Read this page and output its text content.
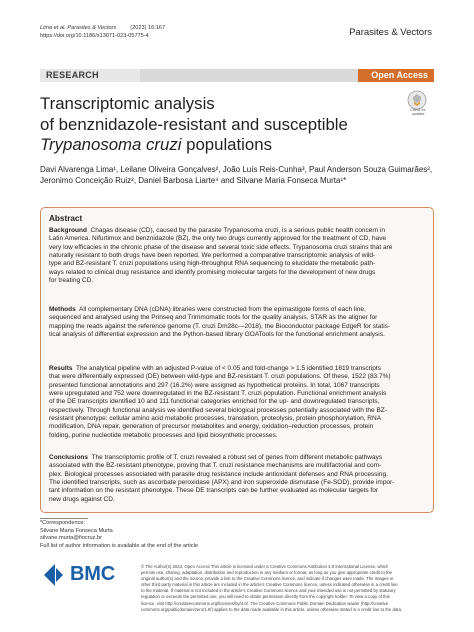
Lima et al. Parasites & Vectors         (2023) 16:167
https://doi.org/10.1186/s13071-023-05775-4	Parasites & Vectors
RESEARCH	Open Access
Check for
updates
Transcriptomic analysis
of benznidazole-resistant and susceptible
Trypanosoma cruzi populations
Davi Alvarenga Lima¹, Leilane Oliveira Gonçalves², João Luís Reis-Cunha³, Paul Anderson Souza Guimarães²,
Jeronimo Conceição Ruiz², Daniel Barbosa Liarte⁴ and Silvane Maria Fonseca Murta¹*
Abstract
Background  Chagas disease (CD), caused by the parasite Trypanosoma cruzi, is a serious public health concern in
Latin America. Nifurtimox and benznidazole (BZ), the only two drugs currently approved for the treatment of CD, have
very low efficacies in the chronic phase of the disease and several toxic side effects. Trypanosoma cruzi strains that are
naturally resistant to both drugs have been reported. We performed a comparative transcriptomic analysis of wild-
type and BZ-resistant T. cruzi populations using high-throughput RNA sequencing to elucidate the metabolic path-
ways related to clinical drug resistance and identify promising molecular targets for the development of new drugs
for treating CD.
Methods  All complementary DNA (cDNA) libraries were constructed from the epimastigote forms of each line,
sequenced and analysed using the Prinseq and Trimmomatic tools for the quality analysis, STAR as the aligner for
mapping the reads against the reference genome (T. cruzi Dm28c—2018), the Bioconductor package EdgeR for statis-
tical analysis of differential expression and the Python-based library GOATools for the functional enrichment analysis.
Results  The analytical pipeline with an adjusted P-value of < 0.05 and fold-change > 1.5 identified 1819 transcripts
that were differentially expressed (DE) between wild-type and BZ-resistant T. cruzi populations. Of these, 1522 (83.7%)
presented functional annotations and 297 (16.2%) were assigned as hypothetical proteins. In total, 1067 transcripts
were upregulated and 752 were downregulated in the BZ-resistant T. cruzi population. Functional enrichment analysis
of the DE transcripts identified 10 and 111 functional categories enriched for the up- and downregulated transcripts,
respectively. Through functional analysis we identified several biological processes potentially associated with the BZ-
resistant phenotype: cellular amino acid metabolic processes, translation, proteolysis, protein phosphorylation, RNA
modification, DNA repair, generation of precursor metabolites and energy, oxidation–reduction processes, protein
folding, purine nucleotide metabolic processes and lipid biosynthetic processes.
Conclusions  The transcriptomic profile of T. cruzi revealed a robust set of genes from different metabolic pathways
associated with the BZ-resistant phenotype, proving that T. cruzi resistance mechanisms are multifactorial and com-
plex. Biological processes associated with parasite drug resistance include antioxidant defenses and RNA processing.
The identified transcripts, such as ascorbate peroxidase (APX) and iron superoxide dismutase (Fe-SOD), provide impor-
tant information on the resistant phenotype. These DE transcripts can be further evaluated as molecular targets for
new drugs against CD.
*Correspondence:
Silvane Maria Fonseca Murta
silvane.murta@fiocruz.br
Full list of author information is available at the end of the article
BMC	© The Author(s) 2023. Open Access This article is licensed under a Creative Commons Attribution 4.0 International License, which
permits use, sharing, adaptation, distribution and reproduction in any medium or format, as long as you give appropriate credit to the
original author(s) and the source, provide a link to the Creative Commons licence, and indicate if changes were made. The images or
other third party material in this article are included in the article's Creative Commons licence, unless indicated otherwise in a credit line
to the material. If material is not included in the article's Creative Commons licence and your intended use is not permitted by statutory
regulation or exceeds the permitted use, you will need to obtain permission directly from the copyright holder. To view a copy of this
licence, visit http://creativecommons.org/licenses/by/4.0/. The Creative Commons Public Domain Dedication waiver (http://creative
commons.org/publicdomain/zero/1.0/) applies to the data made available in this article, unless otherwise stated in a credit line to the data.
